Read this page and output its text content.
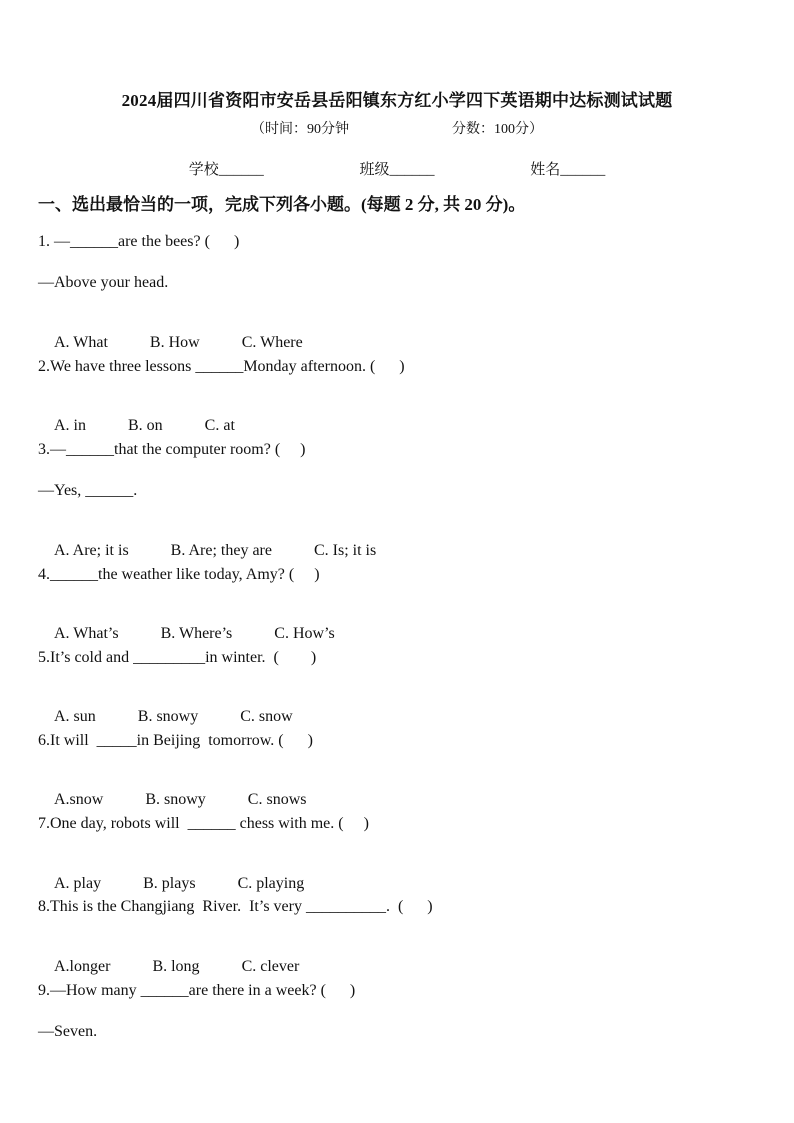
2024届四川省资阳市安岳县岳阳镇东方红小学四下英语期中达标测试试题
（时间：90分钟	分数：100分）
学校______	班级______	姓名______
一、选出最恰当的一项，完成下列各小题。(每题 2 分, 共 20 分)。
1. —______are the bees? (      )
—Above your head.

A. What	B. How	C. Where

2.We have three lessons ______Monday afternoon. (      )

A. in	B. on	C. at

3.—______that the computer room? (     )
—Yes, ______.

A. Are; it is	B. Are; they are	C. Is; it is

4.______the weather like today, Amy? (     )

A. What’s	B. Where’s	C. How’s

5.It’s cold and _________in winter.  (        )

A. sun	B. snowy	C. snow

6.It will  _____in Beijing  tomorrow. (      )

A.snow	B. snowy	C. snows

7.One day, robots will  ______ chess with me. (     )

A. play	B. plays	C. playing

8.This is the Changjiang  River.  It’s very __________.  (      )

A.longer	B. long	C. clever

9.—How many ______are there in a week? (      )
—Seven.
